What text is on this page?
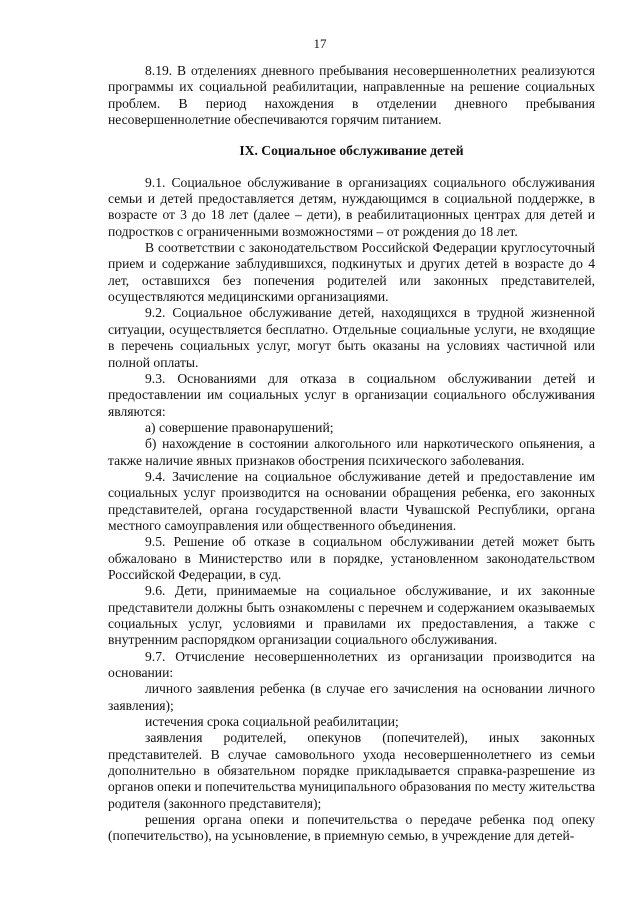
17

8.19. В отделениях дневного пребывания несовершеннолетних реализуются программы их социальной реабилитации, направленные на решение социальных проблем. В период нахождения в отделении дневного пребывания несовершеннолетние обеспечиваются горячим питанием.

IX. Социальное обслуживание детей

9.1. Социальное обслуживание в организациях социального обслуживания семьи и детей предоставляется детям, нуждающимся в социальной поддержке, в возрасте от 3 до 18 лет (далее – дети), в реабилитационных центрах для детей и подростков с ограниченными возможностями – от рождения до 18 лет.

В соответствии с законодательством Российской Федерации круглосуточный прием и содержание заблудившихся, подкинутых и других детей в возрасте до 4 лет, оставшихся без попечения родителей или законных представителей, осуществляются медицинскими организациями.

9.2. Социальное обслуживание детей, находящихся в трудной жизненной ситуации, осуществляется бесплатно. Отдельные социальные услуги, не входящие в перечень социальных услуг, могут быть оказаны на условиях частичной или полной оплаты.

9.3. Основаниями для отказа в социальном обслуживании детей и предоставлении им социальных услуг в организации социального обслуживания являются:

а) совершение правонарушений;

б) нахождение в состоянии алкогольного или наркотического опьянения, а также наличие явных признаков обострения психического заболевания.

9.4. Зачисление на социальное обслуживание детей и предоставление им социальных услуг производится на основании обращения ребенка, его законных представителей, органа государственной власти Чувашской Республики, органа местного самоуправления или общественного объединения.

9.5. Решение об отказе в социальном обслуживании детей может быть обжаловано в Министерство или в порядке, установленном законодательством Российской Федерации, в суд.

9.6. Дети, принимаемые на социальное обслуживание, и их законные представители должны быть ознакомлены с перечнем и содержанием оказываемых социальных услуг, условиями и правилами их предоставления, а также с внутренним распорядком организации социального обслуживания.

9.7. Отчисление несовершеннолетних из организации производится на основании:

личного заявления ребенка (в случае его зачисления на основании личного заявления);

истечения срока социальной реабилитации;

заявления родителей, опекунов (попечителей), иных законных представителей. В случае самовольного ухода несовершеннолетнего из семьи дополнительно в обязательном порядке прикладывается справка-разрешение из органов опеки и попечительства муниципального образования по месту жительства родителя (законного представителя);

решения органа опеки и попечительства о передаче ребенка под опеку (попечительство), на усыновление, в приемную семью, в учреждение для детей-
